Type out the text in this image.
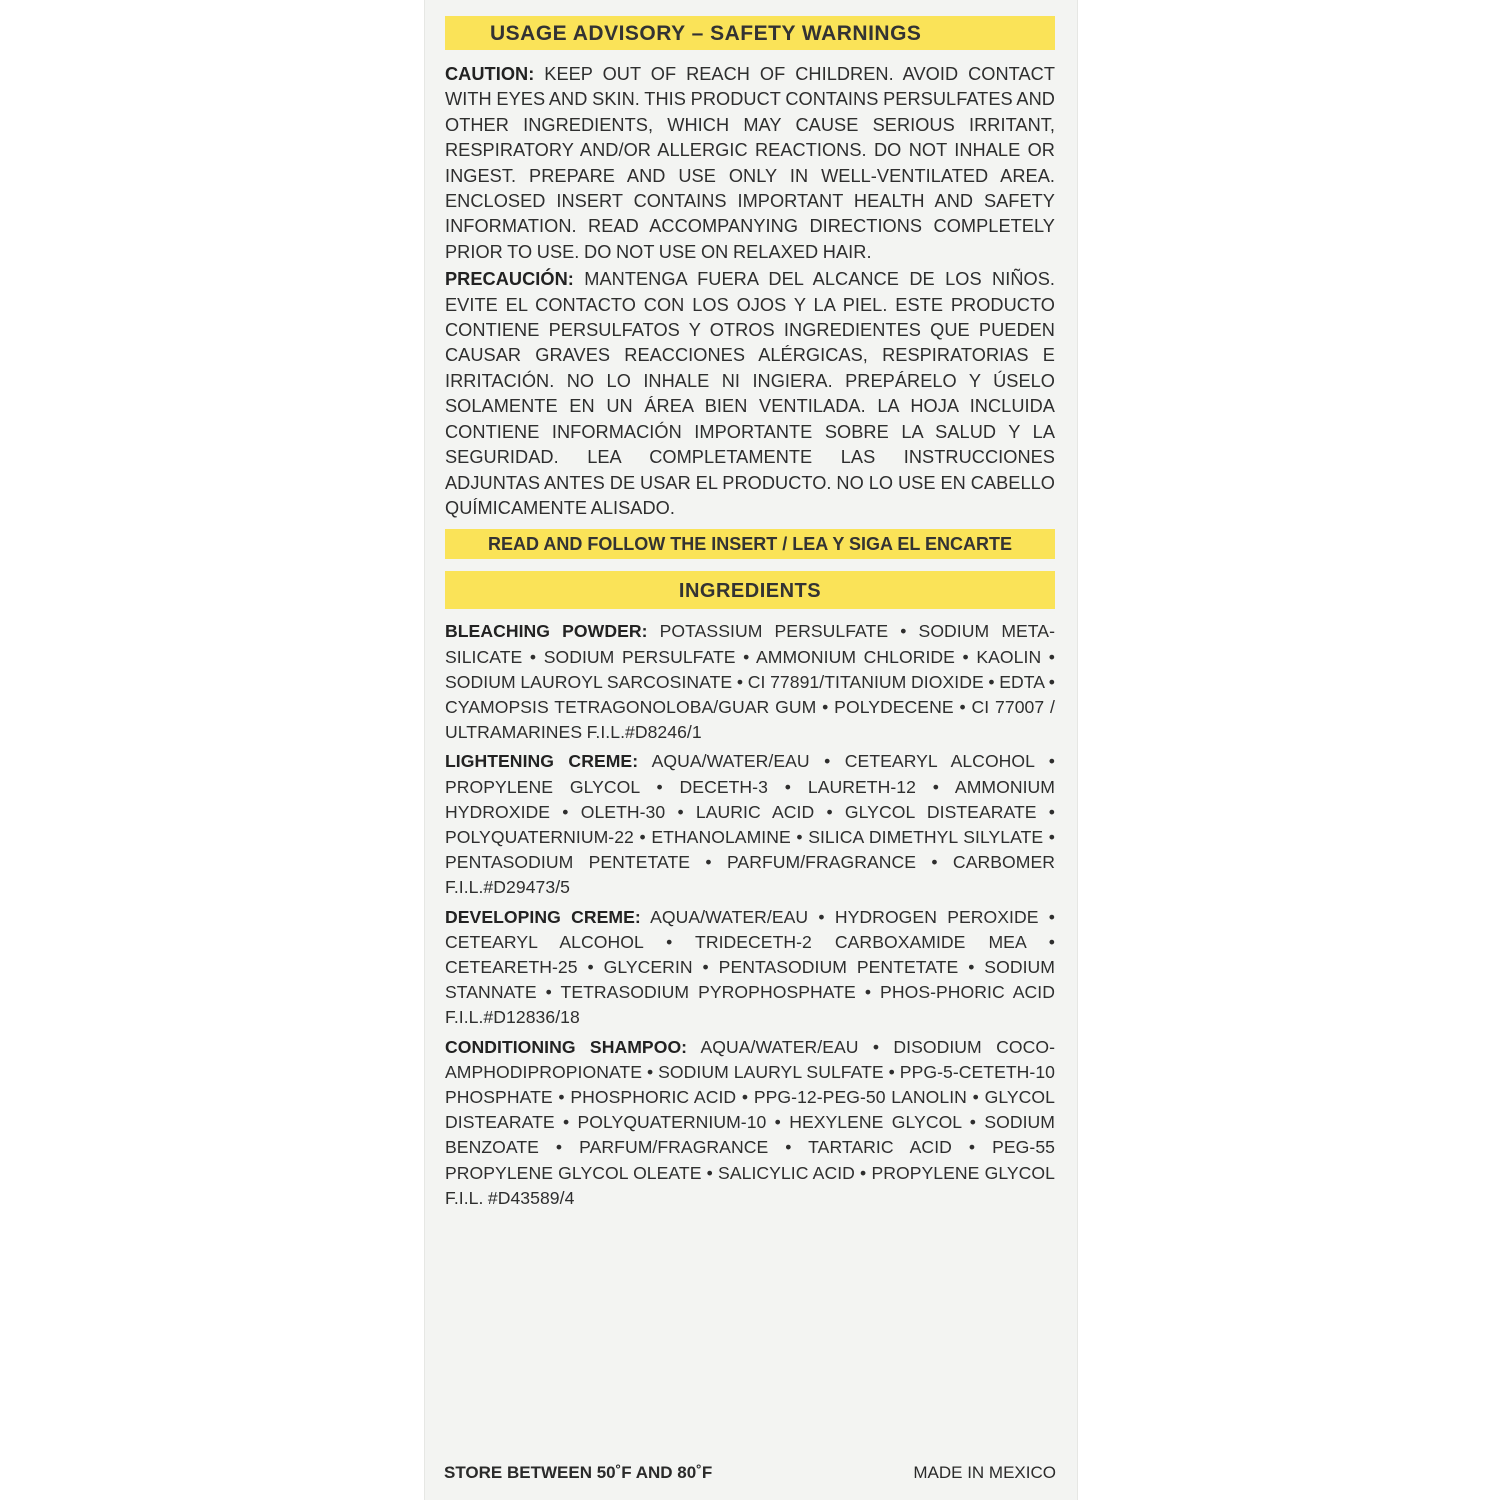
USAGE ADVISORY – SAFETY WARNINGS
CAUTION: KEEP OUT OF REACH OF CHILDREN. AVOID CONTACT WITH EYES AND SKIN. THIS PRODUCT CONTAINS PERSULFATES AND OTHER INGREDIENTS, WHICH MAY CAUSE SERIOUS IRRITANT, RESPIRATORY AND/OR ALLERGIC REACTIONS. DO NOT INHALE OR INGEST. PREPARE AND USE ONLY IN WELL-VENTILATED AREA. ENCLOSED INSERT CONTAINS IMPORTANT HEALTH AND SAFETY INFORMATION. READ ACCOMPANYING DIRECTIONS COMPLETELY PRIOR TO USE. DO NOT USE ON RELAXED HAIR.
PRECAUCIÓN: MANTENGA FUERA DEL ALCANCE DE LOS NIÑOS. EVITE EL CONTACTO CON LOS OJOS Y LA PIEL. ESTE PRODUCTO CONTIENE PERSULFATOS Y OTROS INGREDIENTES QUE PUEDEN CAUSAR GRAVES REACCIONES ALÉRGICAS, RESPIRATORIAS E IRRITACIÓN. NO LO INHALE NI INGIERA. PREPÁRELO Y ÚSELO SOLAMENTE EN UN ÁREA BIEN VENTILADA. LA HOJA INCLUIDA CONTIENE INFORMACIÓN IMPORTANTE SOBRE LA SALUD Y LA SEGURIDAD. LEA COMPLETAMENTE LAS INSTRUCCIONES ADJUNTAS ANTES DE USAR EL PRODUCTO. NO LO USE EN CABELLO QUÍMICAMENTE ALISADO.
READ AND FOLLOW THE INSERT / LEA Y SIGA EL ENCARTE
INGREDIENTS
BLEACHING POWDER: POTASSIUM PERSULFATE • SODIUM META-SILICATE • SODIUM PERSULFATE • AMMONIUM CHLORIDE • KAOLIN • SODIUM LAUROYL SARCOSINATE • CI 77891/TITANIUM DIOXIDE • EDTA • CYAMOPSIS TETRAGONOLOBA/GUAR GUM • POLYDECENE • CI 77007 / ULTRAMARINES F.I.L.#D8246/1
LIGHTENING CREME: AQUA/WATER/EAU • CETEARYL ALCOHOL • PROPYLENE GLYCOL • DECETH-3 • LAURETH-12 • AMMONIUM HYDROXIDE • OLETH-30 • LAURIC ACID • GLYCOL DISTEARATE • POLYQUATERNIUM-22 • ETHANOLAMINE • SILICA DIMETHYL SILYLATE • PENTASODIUM PENTETATE • PARFUM/FRAGRANCE • CARBOMER F.I.L.#D29473/5
DEVELOPING CREME: AQUA/WATER/EAU • HYDROGEN PEROXIDE • CETEARYL ALCOHOL • TRIDECETH-2 CARBOXAMIDE MEA • CETEARETH-25 • GLYCERIN • PENTASODIUM PENTETATE • SODIUM STANNATE • TETRASODIUM PYROPHOSPHATE • PHOS-PHORIC ACID F.I.L.#D12836/18
CONDITIONING SHAMPOO: AQUA/WATER/EAU • DISODIUM COCO-AMPHODIPROPIONATE • SODIUM LAURYL SULFATE • PPG-5-CETETH-10 PHOSPHATE • PHOSPHORIC ACID • PPG-12-PEG-50 LANOLIN • GLYCOL DISTEARATE • POLYQUATERNIUM-10 • HEXYLENE GLYCOL • SODIUM BENZOATE • PARFUM/FRAGRANCE • TARTARIC ACID • PEG-55 PROPYLENE GLYCOL OLEATE • SALICYLIC ACID • PROPYLENE GLYCOL F.I.L. #D43589/4
STORE BETWEEN 50˚F AND 80˚F	MADE IN MEXICO
